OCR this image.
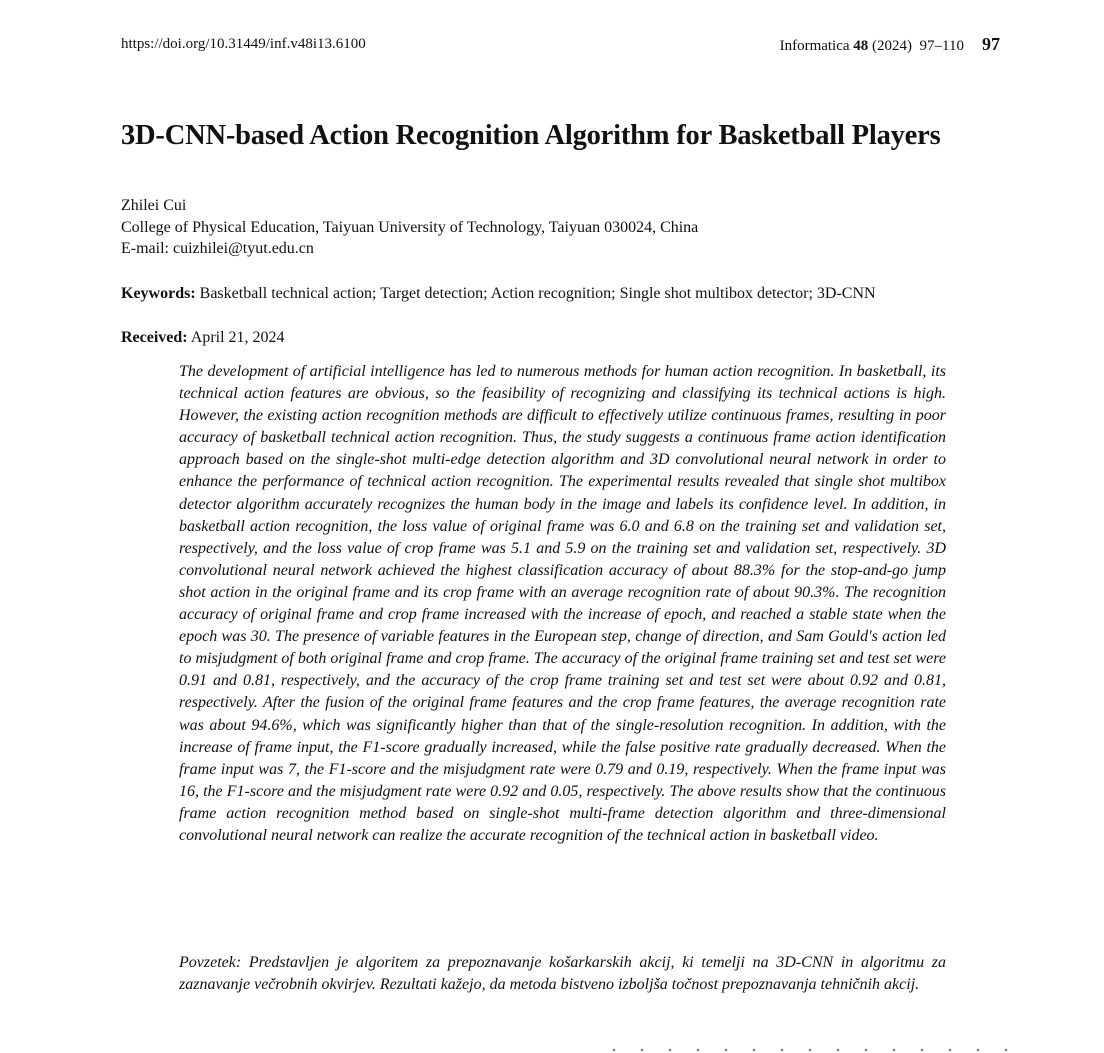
https://doi.org/10.31449/inf.v48i13.6100	Informatica 48 (2024) 97–110 97
3D-CNN-based Action Recognition Algorithm for Basketball Players
Zhilei Cui
College of Physical Education, Taiyuan University of Technology, Taiyuan 030024, China
E-mail: cuizhilei@tyut.edu.cn
Keywords: Basketball technical action; Target detection; Action recognition; Single shot multibox detector; 3D-CNN
Received: April 21, 2024

The development of artificial intelligence has led to numerous methods for human action recognition. In basketball, its technical action features are obvious, so the feasibility of recognizing and classifying its technical actions is high. However, the existing action recognition methods are difficult to effectively utilize continuous frames, resulting in poor accuracy of basketball technical action recognition. Thus, the study suggests a continuous frame action identification approach based on the single-shot multi-edge detection algorithm and 3D convolutional neural network in order to enhance the performance of technical action recognition. The experimental results revealed that single shot multibox detector algorithm accurately recognizes the human body in the image and labels its confidence level. In addition, in basketball action recognition, the loss value of original frame was 6.0 and 6.8 on the training set and validation set, respectively, and the loss value of crop frame was 5.1 and 5.9 on the training set and validation set, respectively. 3D convolutional neural network achieved the highest classification accuracy of about 88.3% for the stop-and-go jump shot action in the original frame and its crop frame with an average recognition rate of about 90.3%. The recognition accuracy of original frame and crop frame increased with the increase of epoch, and reached a stable state when the epoch was 30. The presence of variable features in the European step, change of direction, and Sam Gould's action led to misjudgment of both original frame and crop frame. The accuracy of the original frame training set and test set were 0.91 and 0.81, respectively, and the accuracy of the crop frame training set and test set were about 0.92 and 0.81, respectively. After the fusion of the original frame features and the crop frame features, the average recognition rate was about 94.6%, which was significantly higher than that of the single-resolution recognition. In addition, with the increase of frame input, the F1-score gradually increased, while the false positive rate gradually decreased. When the frame input was 7, the F1-score and the misjudgment rate were 0.79 and 0.19, respectively. When the frame input was 16, the F1-score and the misjudgment rate were 0.92 and 0.05, respectively. The above results show that the continuous frame action recognition method based on single-shot multi-frame detection algorithm and three-dimensional convolutional neural network can realize the accurate recognition of the technical action in basketball video.

Povzetek: Predstavljen je algoritem za prepoznavanje košarkarskih akcij, ki temelji na 3D-CNN in algoritmu za zaznavanje večrobnih okvirjev. Rezultati kažejo, da metoda bistveno izboljša točnost prepoznavanja tehničnih akcij.
